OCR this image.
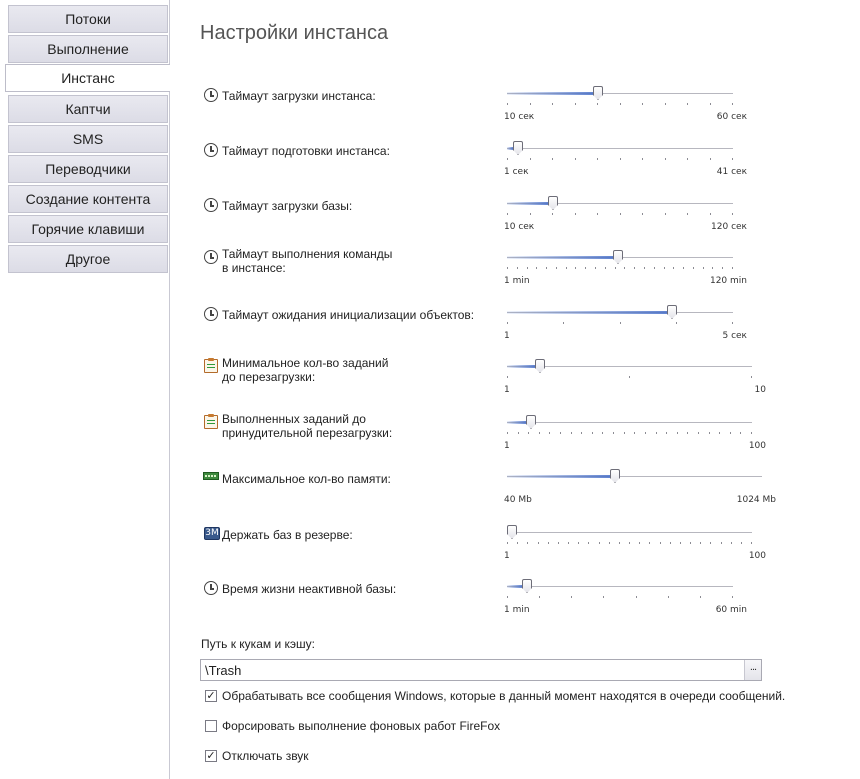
Потоки
Выполнение
Инстанс
Каптчи
SMS
Переводчики
Создание контента
Горячие клавиши
Другое
Настройки инстанса
Таймаут загрузки инстанса:
10 сек	60 сек
Таймаут подготовки инстанса:
1 сек	41 сек
Таймаут загрузки базы:
10 сек	120 сек
Таймаут выполнения команды
в инстансе:
1 min	120 min
Таймаут ожидания инициализации объектов:
1	5 сек
Минимальное кол-во заданий
до перезагрузки:
1	10
Выполненных заданий до
принудительной перезагрузки:
1	100
Максимальное кол-во памяти:
40 Mb	1024 Mb
3M Держать баз в резерве:
1	100
Время жизни неактивной базы:
1 min	60 min
Путь к кукам и кэшу:
\Trash
...
✓ Обрабатывать все сообщения Windows, которые в данный момент находятся в очереди сообщений.
Форсировать выполнение фоновых работ FireFox
✓ Отключать звук
